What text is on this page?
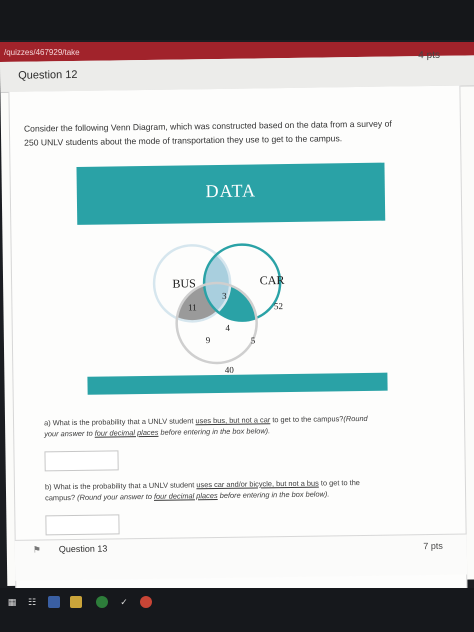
/quizzes/467929/take
Question 12
4 pts
Consider the following Venn Diagram, which was constructed based on the data from a survey of
250 UNLV students about the mode of transportation they use to get to the campus.
DATA
BUS	CAR
11
3
52
4
9	5
40
a) What is the probability that a UNLV student uses bus, but not a car to get to the campus?(Round
your answer to four decimal places before entering in the box below).
b) What is the probability that a UNLV student uses car and/or bicycle, but not a bus to get to the
campus? (Round your answer to four decimal places before entering in the box below).
⚑ Question 13	7 pts
▦ ☷	✓
